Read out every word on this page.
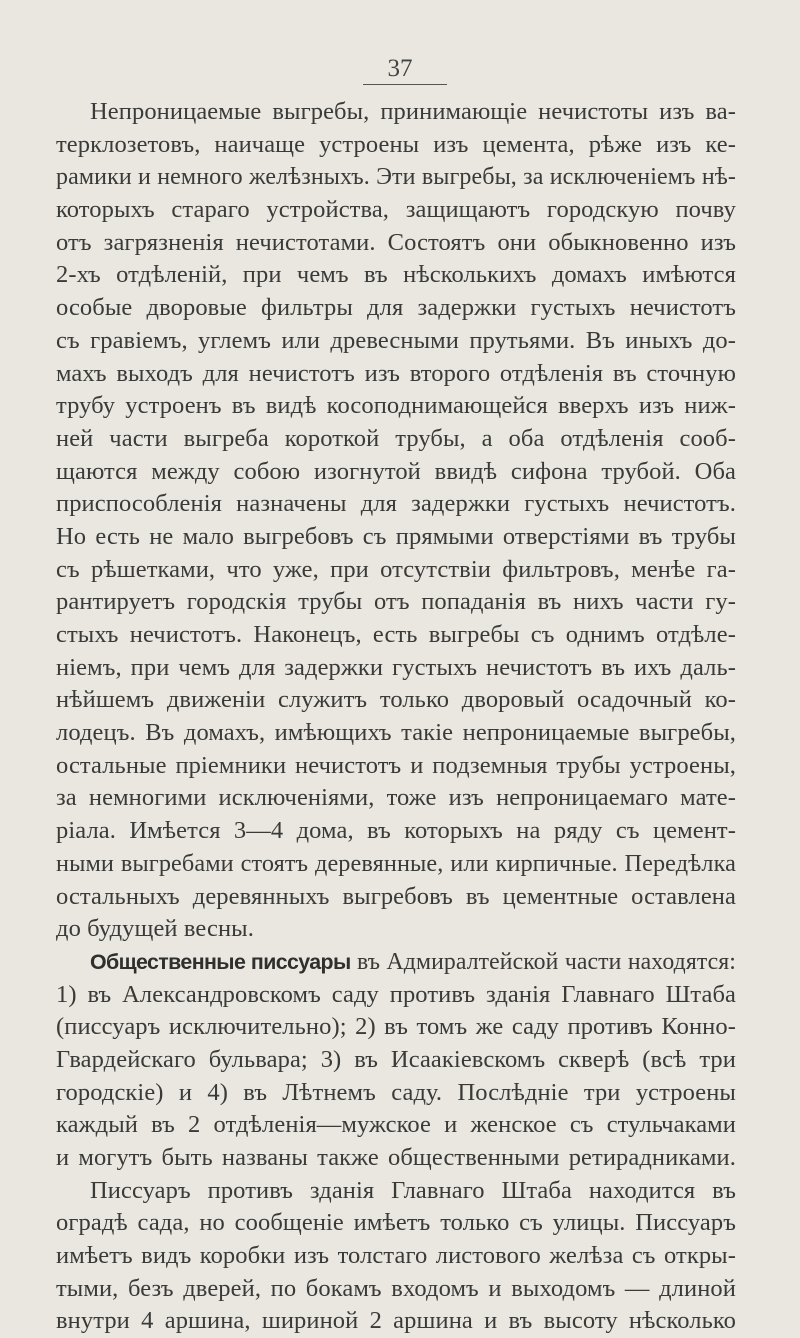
37
Непроницаемые выгребы, принимающіе нечистоты изъ ва-
терклозетовъ, наичаще устроены изъ цемента, рѣже изъ ке-
рамики и немного желѣзныхъ. Эти выгребы, за исключеніемъ нѣ-
которыхъ стараго устройства, защищаютъ городскую почву
отъ загрязненія нечистотами. Состоятъ они обыкновенно изъ
2-хъ отдѣленій, при чемъ въ нѣсколькихъ домахъ имѣются
особые дворовые фильтры для задержки густыхъ нечистотъ
съ гравіемъ, углемъ или древесными прутьями. Въ иныхъ до-
махъ выходъ для нечистотъ изъ второго отдѣленія въ сточную
трубу устроенъ въ видѣ косоподнимающейся вверхъ изъ ниж-
ней части выгреба короткой трубы, а оба отдѣленія сооб-
щаются между собою изогнутой ввидѣ сифона трубой. Оба
приспособленія назначены для задержки густыхъ нечистотъ.
Но есть не мало выгребовъ съ прямыми отверстіями въ трубы
съ рѣшетками, что уже, при отсутствіи фильтровъ, менѣе га-
рантируетъ городскія трубы отъ попаданія въ нихъ части гу-
стыхъ нечистотъ. Наконецъ, есть выгребы съ однимъ отдѣле-
ніемъ, при чемъ для задержки густыхъ нечистотъ въ ихъ даль-
нѣйшемъ движеніи служитъ только дворовый осадочный ко-
лодецъ. Въ домахъ, имѣющихъ такіе непроницаемые выгребы,
остальные пріемники нечистотъ и подземныя трубы устроены,
за немногими исключеніями, тоже изъ непроницаемаго мате-
ріала. Имѣется 3—4 дома, въ которыхъ на ряду съ цемент-
ными выгребами стоятъ деревянные, или кирпичные. Передѣлка
остальныхъ деревянныхъ выгребовъ въ цементные оставлена
до будущей весны.
Общественные писсуары въ Адмиралтейской части находятся:
1) въ Александровскомъ саду противъ зданія Главнаго Штаба
(писсуаръ исключительно); 2) въ томъ же саду противъ Конно-
Гвардейскаго бульвара; 3) въ Исаакіевскомъ скверѣ (всѣ три
городскіе) и 4) въ Лѣтнемъ саду. Послѣдніе три устроены
каждый въ 2 отдѣленія—мужское и женское съ стульчаками
и могутъ быть названы также общественными ретирадниками.
Писсуаръ противъ зданія Главнаго Штаба находится въ
оградѣ сада, но сообщеніе имѣетъ только съ улицы. Писсуаръ
имѣетъ видъ коробки изъ толстаго листового желѣза съ откры-
тыми, безъ дверей, по бокамъ входомъ и выходомъ — длиной
внутри 4 аршина, шириной 2 аршина и въ высоту нѣсколько
